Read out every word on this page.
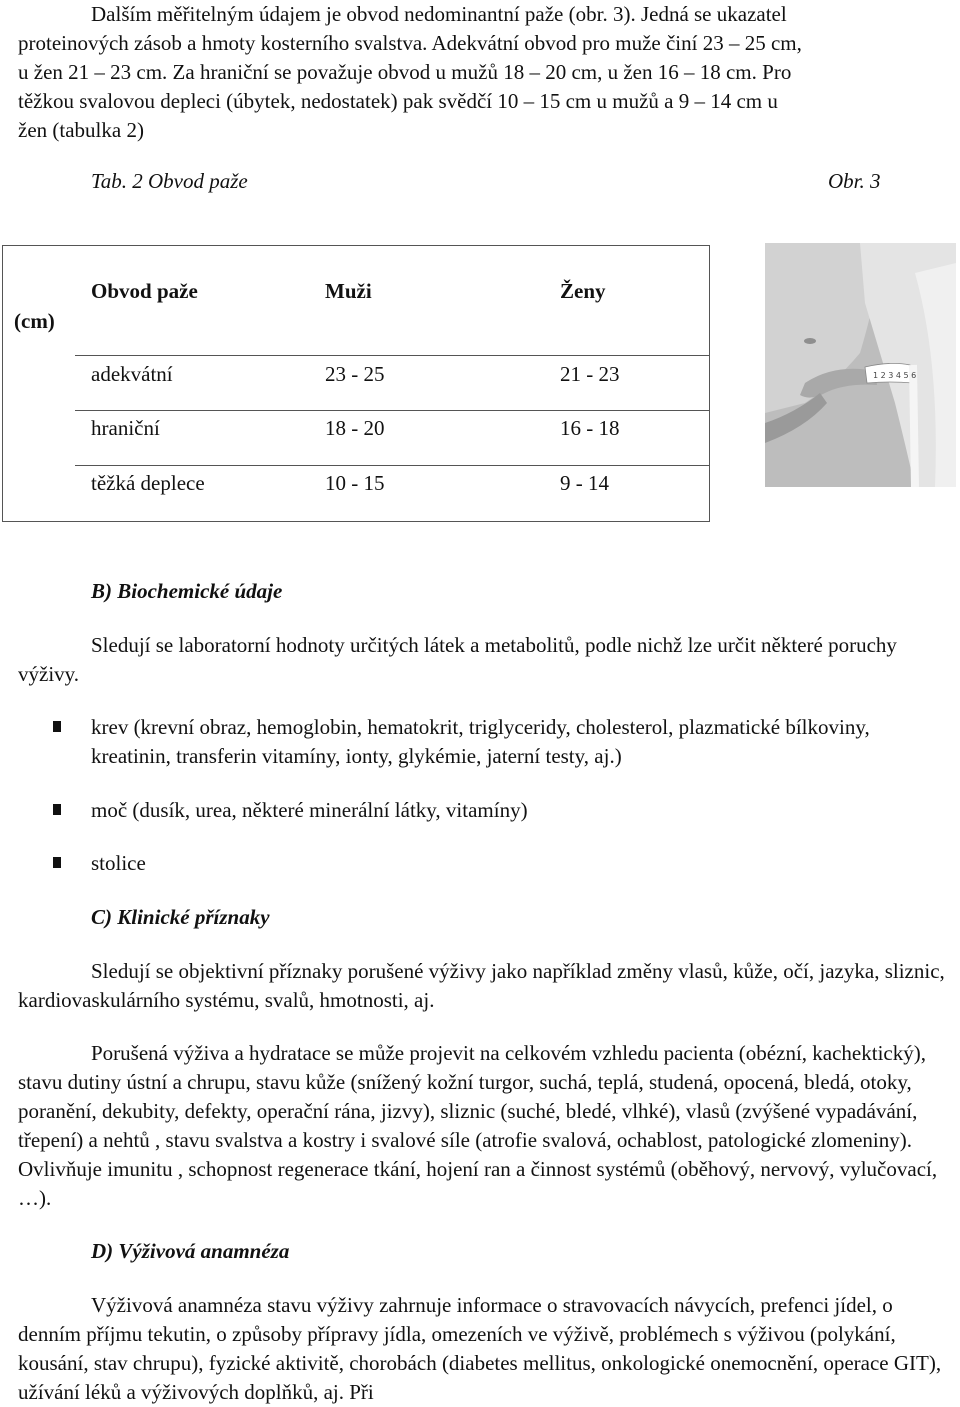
Dalším měřitelným údajem je obvod nedominantní paže (obr. 3). Jedná se ukazatel
proteinových zásob a hmoty kosterního svalstva. Adekvátní obvod pro muže činí 23 – 25 cm,
u žen 21 – 23 cm. Za hraniční se považuje obvod u mužů 18 – 20 cm, u žen 16 – 18 cm. Pro
těžkou svalovou depleci (úbytek, nedostatek) pak svědčí 10 – 15 cm u mužů a 9 – 14 cm u
žen (tabulka 2)
Tab. 2 Obvod paže	Obr. 3
(cm)
Obvod paže	Muži	Ženy
adekvátní	23 - 25	21 - 23
hraniční	18 - 20	16 - 18
těžká deplece	10 - 15	9 - 14
1 2 3 4 5 6
B) Biochemické údaje
Sledují se laboratorní hodnoty určitých látek a metabolitů, podle nichž lze určit některé poruchy výživy.
krev (krevní obraz, hemoglobin, hematokrit, triglyceridy, cholesterol, plazmatické bílkoviny, kreatinin, transferin vitamíny, ionty, glykémie, jaterní testy, aj.)
moč (dusík, urea, některé minerální látky, vitamíny)
stolice
C) Klinické příznaky
Sledují se objektivní příznaky porušené výživy jako například změny vlasů, kůže, očí, jazyka, sliznic, kardiovaskulárního systému, svalů, hmotnosti, aj.
Porušená výživa a hydratace se může projevit na celkovém vzhledu pacienta (obézní, kachektický), stavu dutiny ústní a chrupu, stavu kůže (snížený kožní turgor, suchá, teplá, studená, opocená, bledá, otoky, poranění, dekubity, defekty, operační rána, jizvy), sliznic (suché, bledé, vlhké), vlasů (zvýšené vypadávání, třepení) a nehtů , stavu svalstva a kostry i svalové síle (atrofie svalová, ochablost, patologické zlomeniny). Ovlivňuje imunitu , schopnost regenerace tkání, hojení ran a činnost systémů (oběhový, nervový, vylučovací, …).
D) Výživová anamnéza
Výživová anamnéza stavu výživy zahrnuje informace o stravovacích návycích, prefenci jídel, o denním příjmu tekutin, o způsoby přípravy jídla, omezeních ve výživě, problémech s výživou (polykání, kousání, stav chrupu), fyzické aktivitě, chorobách (diabetes mellitus, onkologické onemocnění, operace GIT), užívání léků a výživových doplňků, aj. Při
